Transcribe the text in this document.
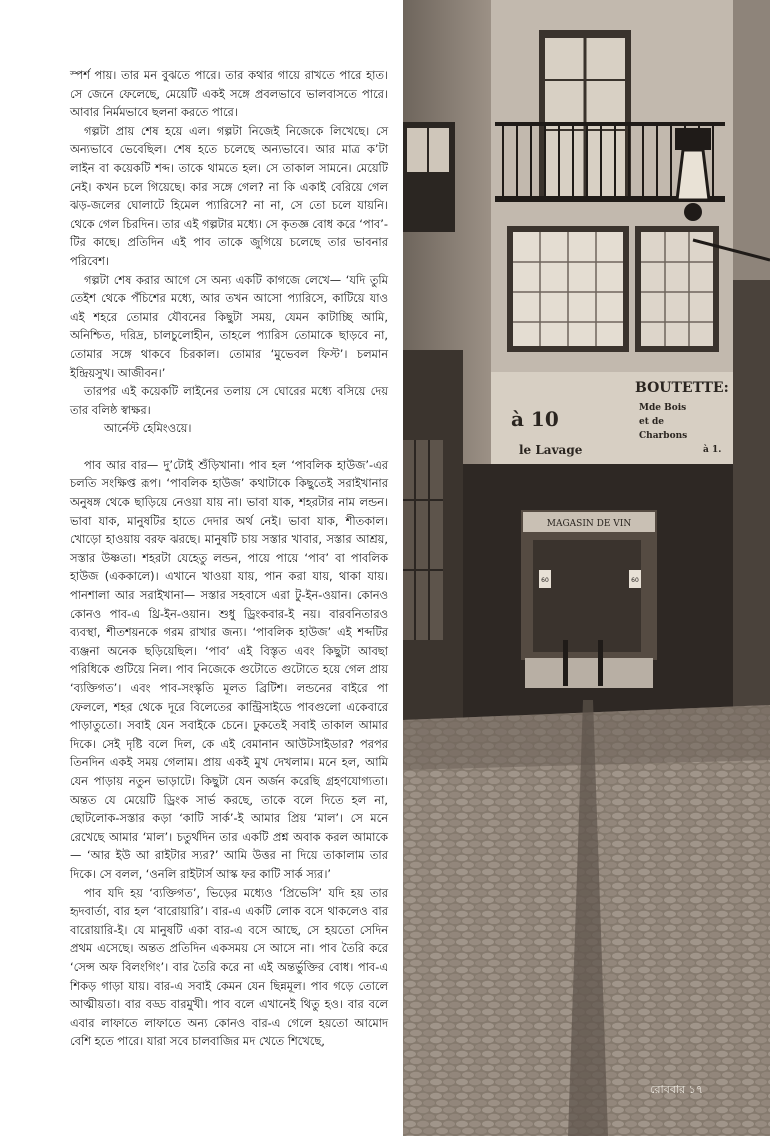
স্পর্শ পায়। তার মন বুঝতে পারে। তার কথার গায়ে রাখতে পারে হাত। সে জেনে ফেলেছে, মেয়েটি একই সঙ্গে প্রবলভাবে ভালবাসতে পারে। আবার নির্মমভাবে ছলনা করতে পারে।

গল্পটা প্রায় শেষ হয়ে এল। গল্পটা নিজেই নিজেকে লিখেছে। সে অন্যভাবে ভেবেছিল। শেষ হতে চলেছে অন্যভাবে। আর মাত্র ক’টা লাইন বা কয়েকটি শব্দ। তাকে থামতে হল। সে তাকাল সামনে। মেয়েটি নেই। কখন চলে গিয়েছে। কার সঙ্গে গেল? না কি একাই বেরিয়ে গেল ঝড়-জলের ঘোলাটে হিমেল প্যারিসে? না না, সে তো চলে যায়নি। থেকে গেল চিরদিন। তার এই গল্পটার মধ্যে। সে কৃতজ্ঞ বোধ করে ‘পাব’-টির কাছে। প্রতিদিন এই পাব তাকে জুগিয়ে চলেছে তার ভাবনার পরিবেশ।

গল্পটা শেষ করার আগে সে অন্য একটি কাগজে লেখে— ‘যদি তুমি তেইশ থেকে পঁচিশের মধ্যে, আর তখন আসো প্যারিসে, কাটিয়ে যাও এই শহরে তোমার যৌবনের কিছুটা সময়, যেমন কাটাচ্ছি আমি, অনিশ্চিত, দরিদ্র, চালচুলোহীন, তাহলে প্যারিস তোমাকে ছাড়বে না, তোমার সঙ্গে থাকবে চিরকাল। তোমার ‘মুভেবল ফিস্ট’। চলমান ইন্দ্রিয়সুখ। আজীবন।’

তারপর এই কয়েকটি লাইনের তলায় সে ঘোরের মধ্যে বসিয়ে দেয় তার বলিষ্ঠ স্বাক্ষর।

আর্নেস্ট হেমিংওয়ে।

পাব আর বার— দু’টোই শুঁড়িখানা। পাব হল ‘পাবলিক হাউজ’-এর চলতি সংক্ষিপ্ত রূপ। ‘পাবলিক হাউজ’ কথাটাকে কিছুতেই সরাইখানার অনুষঙ্গ থেকে ছাড়িয়ে নেওয়া যায় না। ভাবা যাক, শহরটার নাম লন্ডন। ভাবা যাক, মানুষটির হাতে দেদার অর্থ নেই। ভাবা যাক, শীতকাল। খোড়ো হাওয়ায় বরফ ঝরছে। মানুষটি চায় সস্তার খাবার, সস্তার আশ্রয়, সস্তার উষ্ণতা। শহরটা যেহেতু লন্ডন, পায়ে পায়ে ‘পাব’ বা পাবলিক হাউজ (এককালে)। এখানে খাওয়া যায়, পান করা যায়, থাকা যায়। পানশালা আর সরাইখানা— সস্তার সহবাসে এরা টু-ইন-ওয়ান। কোনও কোনও পাব-এ থ্রি-ইন-ওয়ান। শুধু ড্রিংকবার-ই নয়। বারবনিতারও ব্যবস্থা, শীতশয়নকে গরম রাখার জন্য। ‘পাবলিক হাউজ’ এই শব্দটির ব্যঞ্জনা অনেক ছড়িয়েছিল। ‘পাব’ এই বিস্তৃত এবং কিছুটা আবছা পরিধিকে গুটিয়ে নিল। পাব নিজেকে গুটোতে গুটোতে হয়ে গেল প্রায় ‘ব্যক্তিগত’। এবং পাব-সংস্কৃতি মূলত ব্রিটিশ। লন্ডনের বাইরে পা ফেললে, শহর থেকে দূরে বিলেতের কান্ট্রিসাইডে পাবগুলো একেবারে পাড়াতুতো। সবাই যেন সবাইকে চেনে। ঢুকতেই সবাই তাকাল আমার দিকে। সেই দৃষ্টি বলে দিল, কে এই বেমানান আউটসাইডার? পরপর তিনদিন একই সময় গেলাম। প্রায় একই মুখ দেখলাম। মনে হল, আমি যেন পাড়ায় নতুন ভাড়াটে। কিছুটা যেন অর্জন করেছি গ্রহণযোগ্যতা। অন্তত যে মেয়েটি ড্রিংক সার্ভ করছে, তাকে বলে দিতে হল না, ছোটলোক-সস্তার কড়া ‘কাটি সার্ক’-ই আমার প্রিয় ‘মাল’। সে মনে রেখেছে আমার ‘মাল’। চতুর্থদিন তার একটি প্রশ্ন অবাক করল আমাকে— ‘আর ইউ আ রাইটার স্যর?’ আমি উত্তর না দিয়ে তাকালাম তার দিকে। সে বলল, ‘ওনলি রাইটার্স আস্ক ফর কাটি সার্ক স্যর।’

পাব যদি হয় ‘ব্যক্তিগত’, ভিড়ের মধ্যেও ‘প্রিভেসি’ যদি হয় তার হৃদবার্তা, বার হল ‘বারোয়ারি’। বার-এ একটি লোক বসে থাকলেও বার বারোয়ারি-ই। যে মানুষটি একা বার-এ বসে আছে, সে হয়তো সেদিন প্রথম এসেছে। অন্তত প্রতিদিন একসময় সে আসে না। পাব তৈরি করে ‘সেন্স অফ বিলংগিং’। বার তৈরি করে না এই অন্তর্ভুক্তির বোধ। পাব-এ শিকড় গাড়া যায়। বার-এ সবাই কেমন যেন ছিন্নমূল। পাব গড়ে তোলে আত্মীয়তা। বার বড্ড বারমুখী। পাব বলে এখানেই থিতু হও। বার বলে এবার লাফাতে লাফাতে অন্য কোনও বার-এ গেলে হয়তো আমোদ বেশি হতে পারে। যারা সবে চালবাজির মদ খেতে শিখেছে,

BOUTETTE:
Mde Bois
et de
Charbons
à 1.
à 10
le Lavage
MAGASIN DE VIN
60	60
রোববার ১৭
